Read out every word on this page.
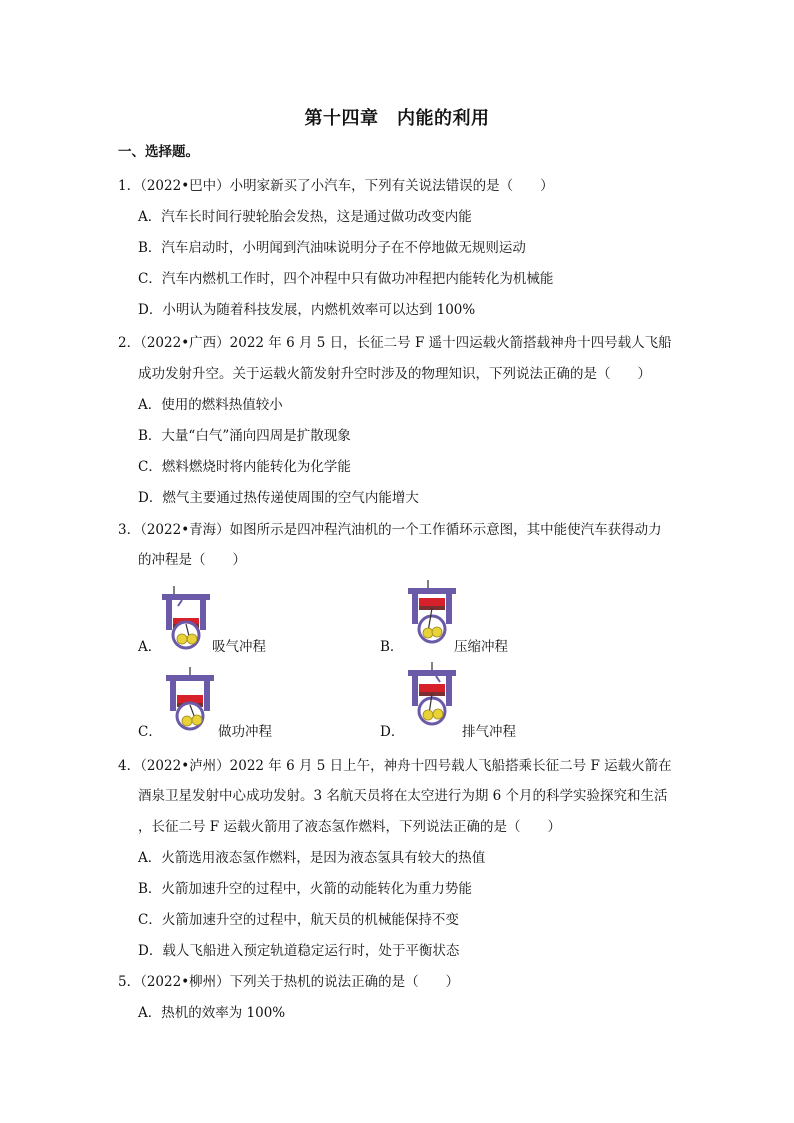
第十四章　内能的利用
一、选择题。
1．（2022•巴中）小明家新买了小汽车，下列有关说法错误的是（　　）
A．汽车长时间行驶轮胎会发热，这是通过做功改变内能
B．汽车启动时，小明闻到汽油味说明分子在不停地做无规则运动
C．汽车内燃机工作时，四个冲程中只有做功冲程把内能转化为机械能
D．小明认为随着科技发展，内燃机效率可以达到 100%
2．（2022•广西）2022 年 6 月 5 日，长征二号 F 遥十四运载火箭搭载神舟十四号载人飞船
成功发射升空。关于运载火箭发射升空时涉及的物理知识，下列说法正确的是（　　）
A．使用的燃料热值较小
B．大量“白气”涌向四周是扩散现象
C．燃料燃烧时将内能转化为化学能
D．燃气主要通过热传递使周围的空气内能增大
3．（2022•青海）如图所示是四冲程汽油机的一个工作循环示意图，其中能使汽车获得动力
的冲程是（　　）
A．	吸气冲程	B．	压缩冲程
C．	做功冲程	D．	排气冲程
4．（2022•泸州）2022 年 6 月 5 日上午，神舟十四号载人飞船搭乘长征二号 F 运载火箭在
酒泉卫星发射中心成功发射。3 名航天员将在太空进行为期 6 个月的科学实验探究和生活
，长征二号 F 运载火箭用了液态氢作燃料，下列说法正确的是（　　）
A．火箭选用液态氢作燃料，是因为液态氢具有较大的热值
B．火箭加速升空的过程中，火箭的动能转化为重力势能
C．火箭加速升空的过程中，航天员的机械能保持不变
D．载人飞船进入预定轨道稳定运行时，处于平衡状态
5．（2022•柳州）下列关于热机的说法正确的是（　　）
A．热机的效率为 100%
